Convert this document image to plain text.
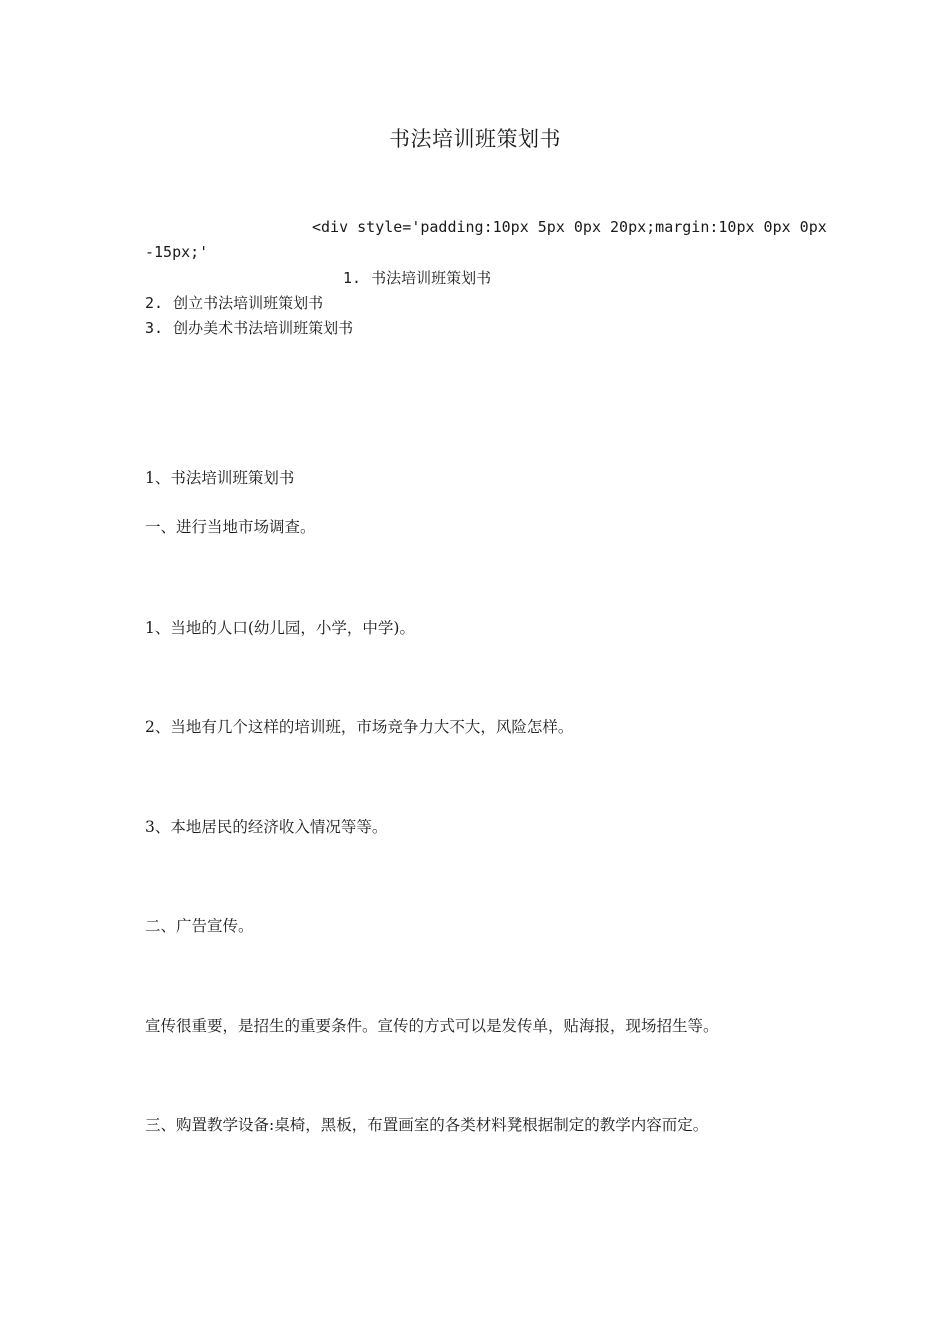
书法培训班策划书
<div style='padding:10px 5px 0px 20px;margin:10px 0px 0px
-15px;'
1. 书法培训班策划书
2. 创立书法培训班策划书
3. 创办美术书法培训班策划书
1、书法培训班策划书
一、进行当地市场调查。
1、当地的人口(幼儿园，小学，中学)。
2、当地有几个这样的培训班，市场竞争力大不大，风险怎样。
3、本地居民的经济收入情况等等。
二、广告宣传。
宣传很重要，是招生的重要条件。宣传的方式可以是发传单，贴海报，现场招生等。
三、购置教学设备:桌椅，黑板，布置画室的各类材料凳根据制定的教学内容而定。
